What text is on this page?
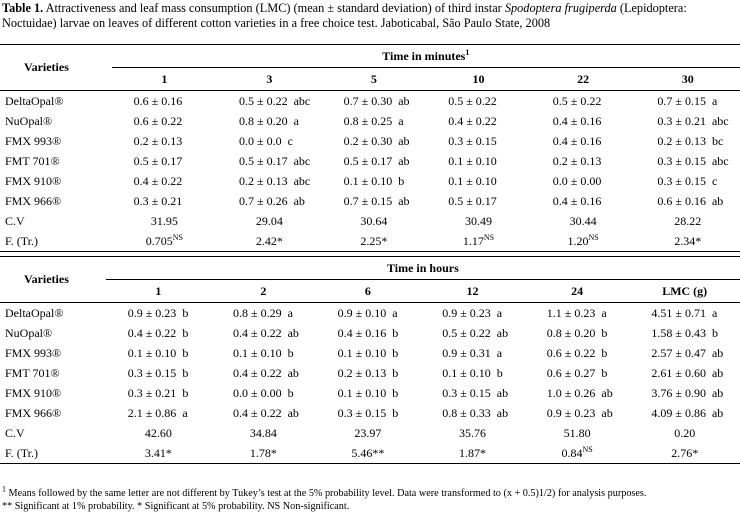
Table 1. Attractiveness and leaf mass consumption (LMC) (mean ± standard deviation) of third instar Spodoptera frugiperda (Lepidoptera: Noctuidae) larvae on leaves of different cotton varieties in a free choice test. Jaboticabal, São Paulo State, 2008
Varieties	Time in minutes$^1$
	1	3	5	10	22	30
DeltaOpal®	0.6 ± 0.16	0.5 ± 0.22 abc	0.7 ± 0.30 ab	0.5 ± 0.22	0.5 ± 0.22	0.7 ± 0.15 a
NuOpal®	0.6 ± 0.22	0.8 ± 0.20 a	0.8 ± 0.25 a	0.4 ± 0.22	0.4 ± 0.16	0.3 ± 0.21 abc
FMX 993®	0.2 ± 0.13	0.0 ± 0.0 c	0.2 ± 0.30 ab	0.3 ± 0.15	0.4 ± 0.16	0.2 ± 0.13 bc
FMT 701®	0.5 ± 0.17	0.5 ± 0.17 abc	0.5 ± 0.17 ab	0.1 ± 0.10	0.2 ± 0.13	0.3 ± 0.15 abc
FMX 910®	0.4 ± 0.22	0.2 ± 0.13 abc	0.1 ± 0.10 b	0.1 ± 0.10	0.0 ± 0.00	0.3 ± 0.15 c
FMX 966®	0.3 ± 0.21	0.7 ± 0.26 ab	0.7 ± 0.15 ab	0.5 ± 0.17	0.4 ± 0.16	0.6 ± 0.16 ab
C.V	31.95	29.04	30.64	30.49	30.44	28.22
F. (Tr.)	$0.705^{NS}$	2.42*	2.25*	$1.17^{NS}$	$1.20^{NS}$	2.34*
Varieties	Time in hours					
	1	2	6	12	24	LMC (g)
DeltaOpal®	0.9 ± 0.23 b	0.8 ± 0.29 a	0.9 ± 0.10 a	0.9 ± 0.23 a	1.1 ± 0.23 a	4.51 ± 0.71 a
NuOpal®	0.4 ± 0.22 b	0.4 ± 0.22 ab	0.4 ± 0.16 b	0.5 ± 0.22 ab	0.8 ± 0.20 b	1.58 ± 0.43 b
FMX 993®	0.1 ± 0.10 b	0.1 ± 0.10 b	0.1 ± 0.10 b	0.9 ± 0.31 a	0.6 ± 0.22 b	2.57 ± 0.47 ab
FMT 701®	0.3 ± 0.15 b	0.4 ± 0.22 ab	0.2 ± 0.13 b	0.1 ± 0.10 b	0.6 ± 0.27 b	2.61 ± 0.60 ab
FMX 910®	0.3 ± 0.21 b	0.0 ± 0.00 b	0.1 ± 0.10 b	0.3 ± 0.15 ab	1.0 ± 0.26 ab	3.76 ± 0.90 ab
FMX 966®	2.1 ± 0.86 a	0.4 ± 0.22 ab	0.3 ± 0.15 b	0.8 ± 0.33 ab	0.9 ± 0.23 ab	4.09 ± 0.86 ab
C.V	42.60	34.84	23.97	35.76	51.80	0.20
F. (Tr.)	3.41*	1.78*	5.46**	1.87*	$0.84^{NS}$	2.76*
$^1$ Means followed by the same letter are not different by Tukey’s test at the 5% probability level. Data were transformed to (x + 0.5)1/2) for analysis purposes.
** Significant at 1% probability. * Significant at 5% probability. NS Non-significant.
